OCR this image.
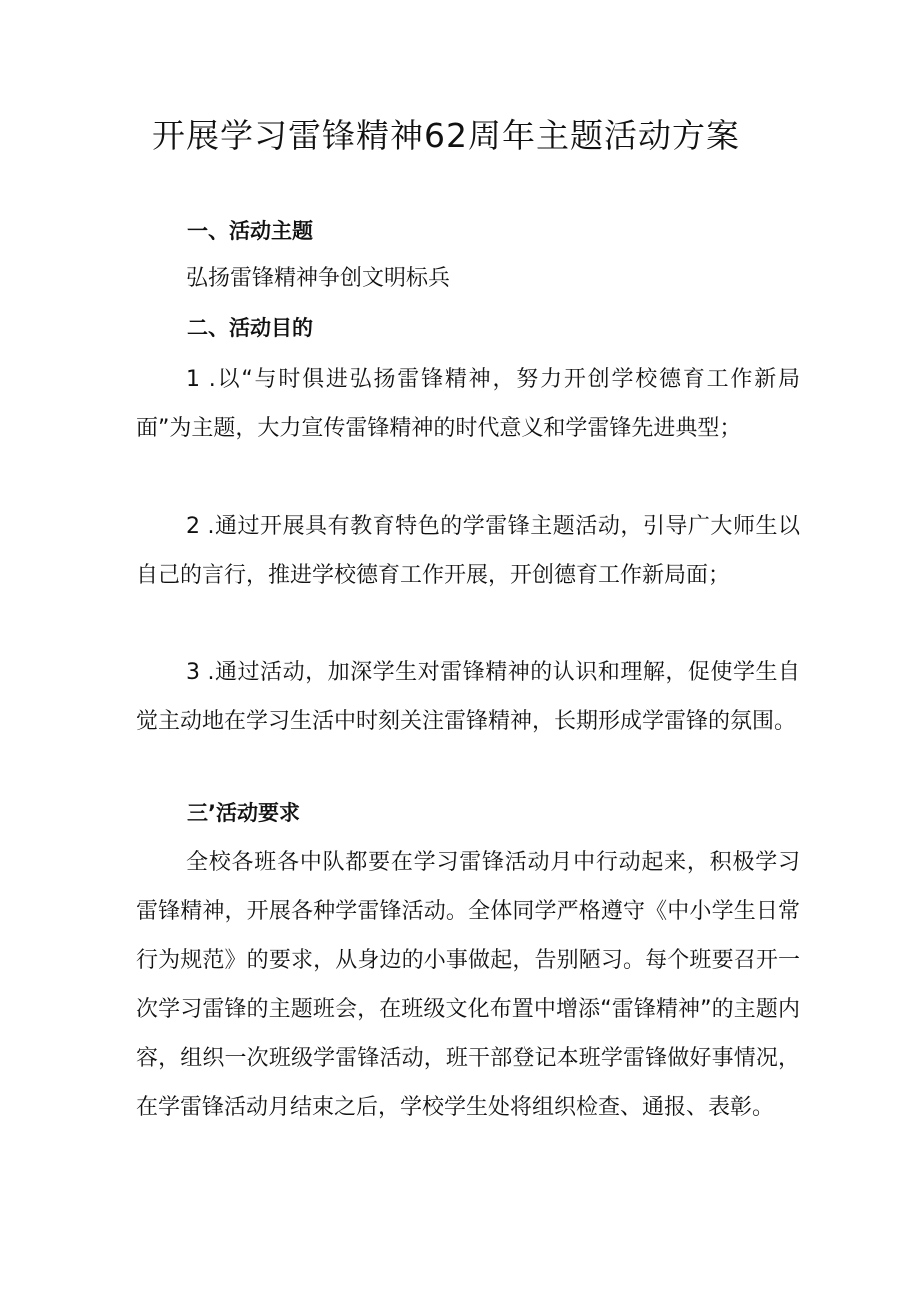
开展学习雷锋精神62周年主题活动方案
一、活动主题
弘扬雷锋精神争创文明标兵
二、活动目的

1 .以“与时俱进弘扬雷锋精神，努力开创学校德育工作新局面”为主题，大力宣传雷锋精神的时代意义和学雷锋先进典型；

2 .通过开展具有教育特色的学雷锋主题活动，引导广大师生以自己的言行，推进学校德育工作开展，开创德育工作新局面；

3 .通过活动，加深学生对雷锋精神的认识和理解，促使学生自觉主动地在学习生活中时刻关注雷锋精神，长期形成学雷锋的氛围。

三’活动要求

全校各班各中队都要在学习雷锋活动月中行动起来，积极学习雷锋精神，开展各种学雷锋活动。全体同学严格遵守《中小学生日常行为规范》的要求，从身边的小事做起，告别陋习。每个班要召开一次学习雷锋的主题班会，在班级文化布置中增添“雷锋精神”的主题内容，组织一次班级学雷锋活动，班干部登记本班学雷锋做好事情况，在学雷锋活动月结束之后，学校学生处将组织检查、通报、表彰。
